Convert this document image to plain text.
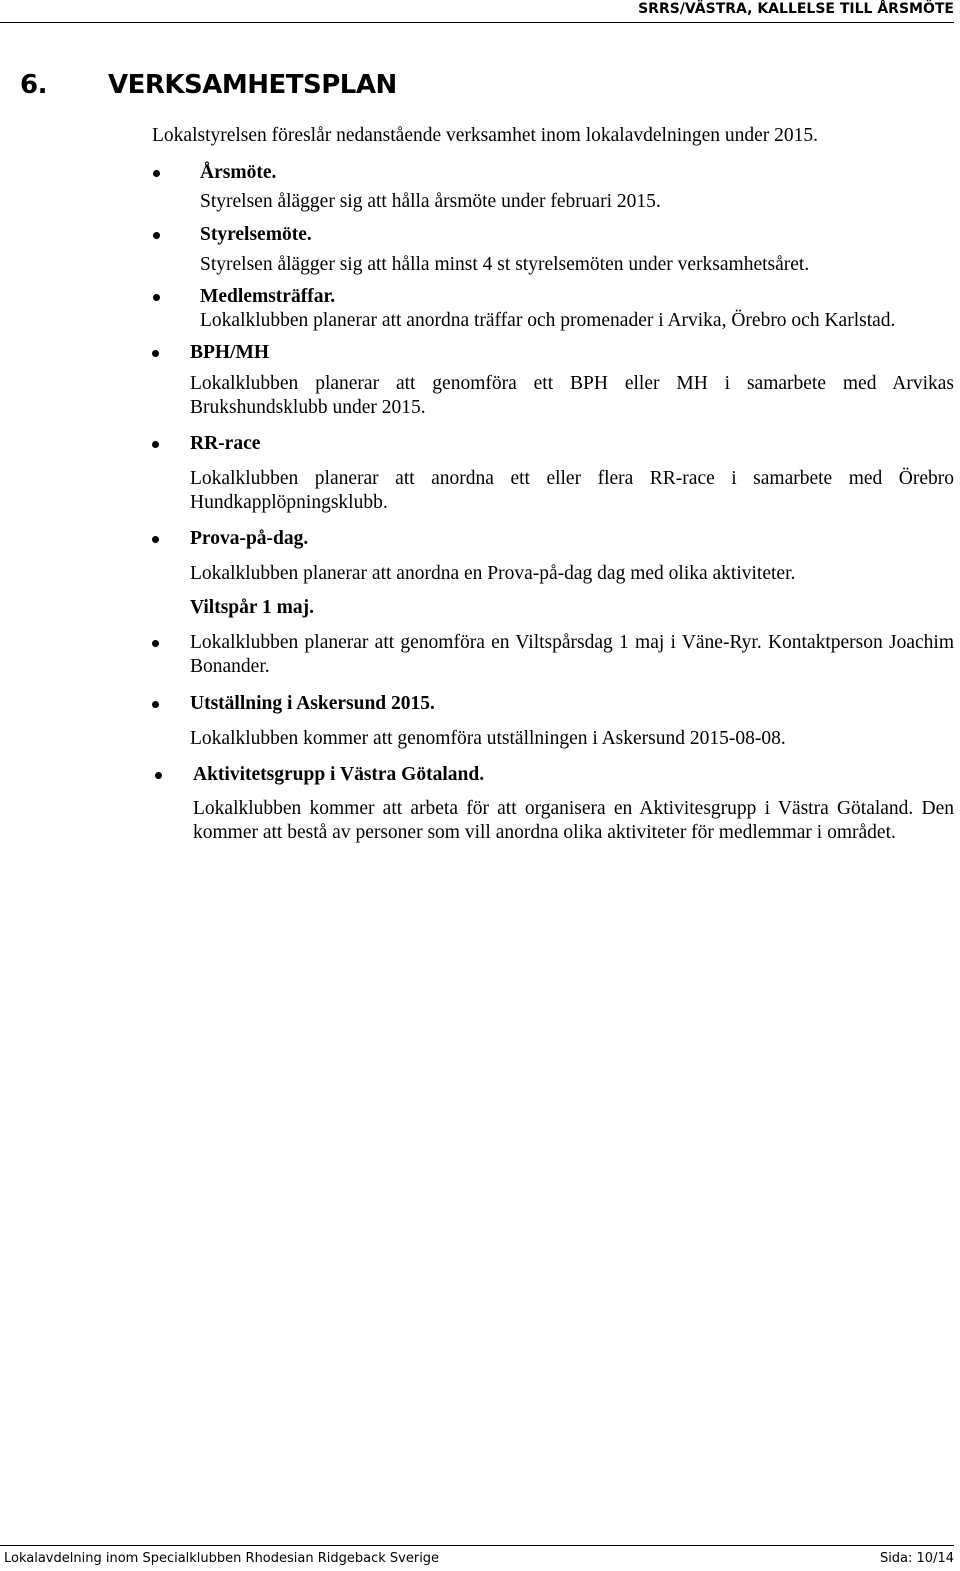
SRRS/VÄSTRA, KALLELSE TILL ÅRSMÖTE
6. VERKSAMHETSPLAN
Lokalstyrelsen föreslår nedanstående verksamhet inom lokalavdelningen under 2015.
Årsmöte.
Styrelsen ålägger sig att hålla årsmöte under februari 2015.
Styrelsemöte.
Styrelsen ålägger sig att hålla minst 4 st styrelsemöten under verksamhetsåret.
Medlemsträffar.
Lokalklubben planerar att anordna träffar och promenader i Arvika, Örebro och Karlstad.
BPH/MH
Lokalklubben planerar att genomföra ett BPH eller MH i samarbete med Arvikas Brukshundsklubb under 2015.
RR-race
Lokalklubben planerar att anordna ett eller flera RR-race i samarbete med Örebro Hundkapplöpningsklubb.
Prova-på-dag.
Lokalklubben planerar att anordna en Prova-på-dag dag med olika aktiviteter.
Viltspår 1 maj.
Lokalklubben planerar att genomföra en Viltspårsdag 1 maj i Väne-Ryr. Kontaktperson Joachim Bonander.
Utställning i Askersund 2015.
Lokalklubben kommer att genomföra utställningen i Askersund 2015-08-08.
Aktivitetsgrupp i Västra Götaland.
Lokalklubben kommer att arbeta för att organisera en Aktivitesgrupp i Västra Götaland. Den kommer att bestå av personer som vill anordna olika aktiviteter för medlemmar i området.
Lokalavdelning inom Specialklubben Rhodesian Ridgeback Sverige	Sida: 10/14
